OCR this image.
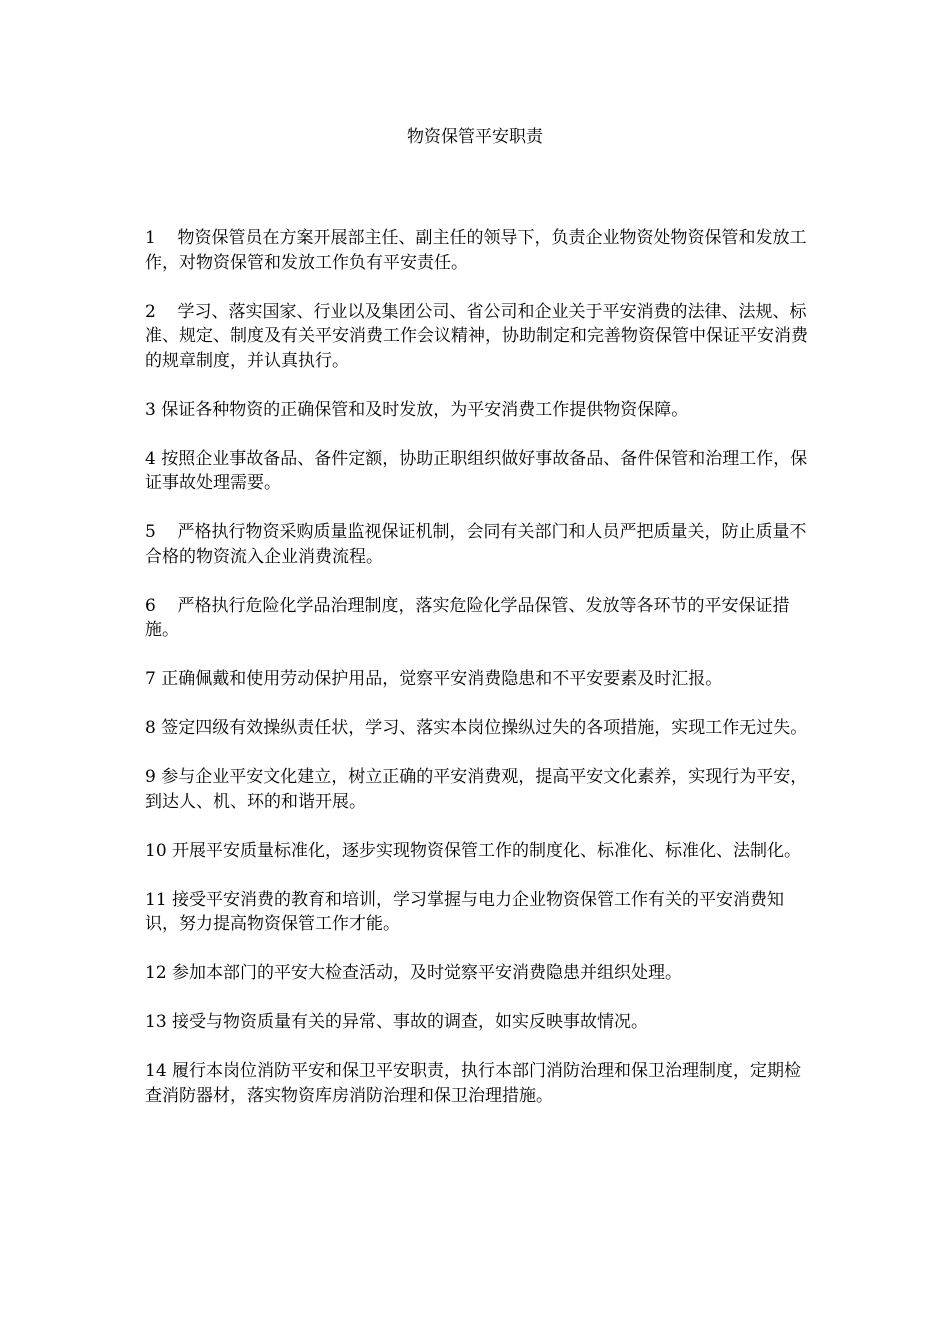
物资保管平安职责

1 物资保管员在方案开展部主任、副主任的领导下，负责企业物资处物资保管和发放工作，对物资保管和发放工作负有平安责任。

2 学习、落实国家、行业以及集团公司、省公司和企业关于平安消费的法律、法规、标准、规定、制度及有关平安消费工作会议精神，协助制定和完善物资保管中保证平安消费的规章制度，并认真执行。

3 保证各种物资的正确保管和及时发放，为平安消费工作提供物资保障。

4 按照企业事故备品、备件定额，协助正职组织做好事故备品、备件保管和治理工作，保证事故处理需要。

5 严格执行物资采购质量监视保证机制，会同有关部门和人员严把质量关，防止质量不合格的物资流入企业消费流程。

6 严格执行危险化学品治理制度，落实危险化学品保管、发放等各环节的平安保证措施。

7 正确佩戴和使用劳动保护用品，觉察平安消费隐患和不平安要素及时汇报。

8 签定四级有效操纵责任状，学习、落实本岗位操纵过失的各项措施，实现工作无过失。

9 参与企业平安文化建立，树立正确的平安消费观，提高平安文化素养，实现行为平安，到达人、机、环的和谐开展。

10 开展平安质量标准化，逐步实现物资保管工作的制度化、标准化、标准化、法制化。

11 接受平安消费的教育和培训，学习掌握与电力企业物资保管工作有关的平安消费知识，努力提高物资保管工作才能。

12 参加本部门的平安大检查活动，及时觉察平安消费隐患并组织处理。

13 接受与物资质量有关的异常、事故的调查，如实反映事故情况。

14 履行本岗位消防平安和保卫平安职责，执行本部门消防治理和保卫治理制度，定期检查消防器材，落实物资库房消防治理和保卫治理措施。
